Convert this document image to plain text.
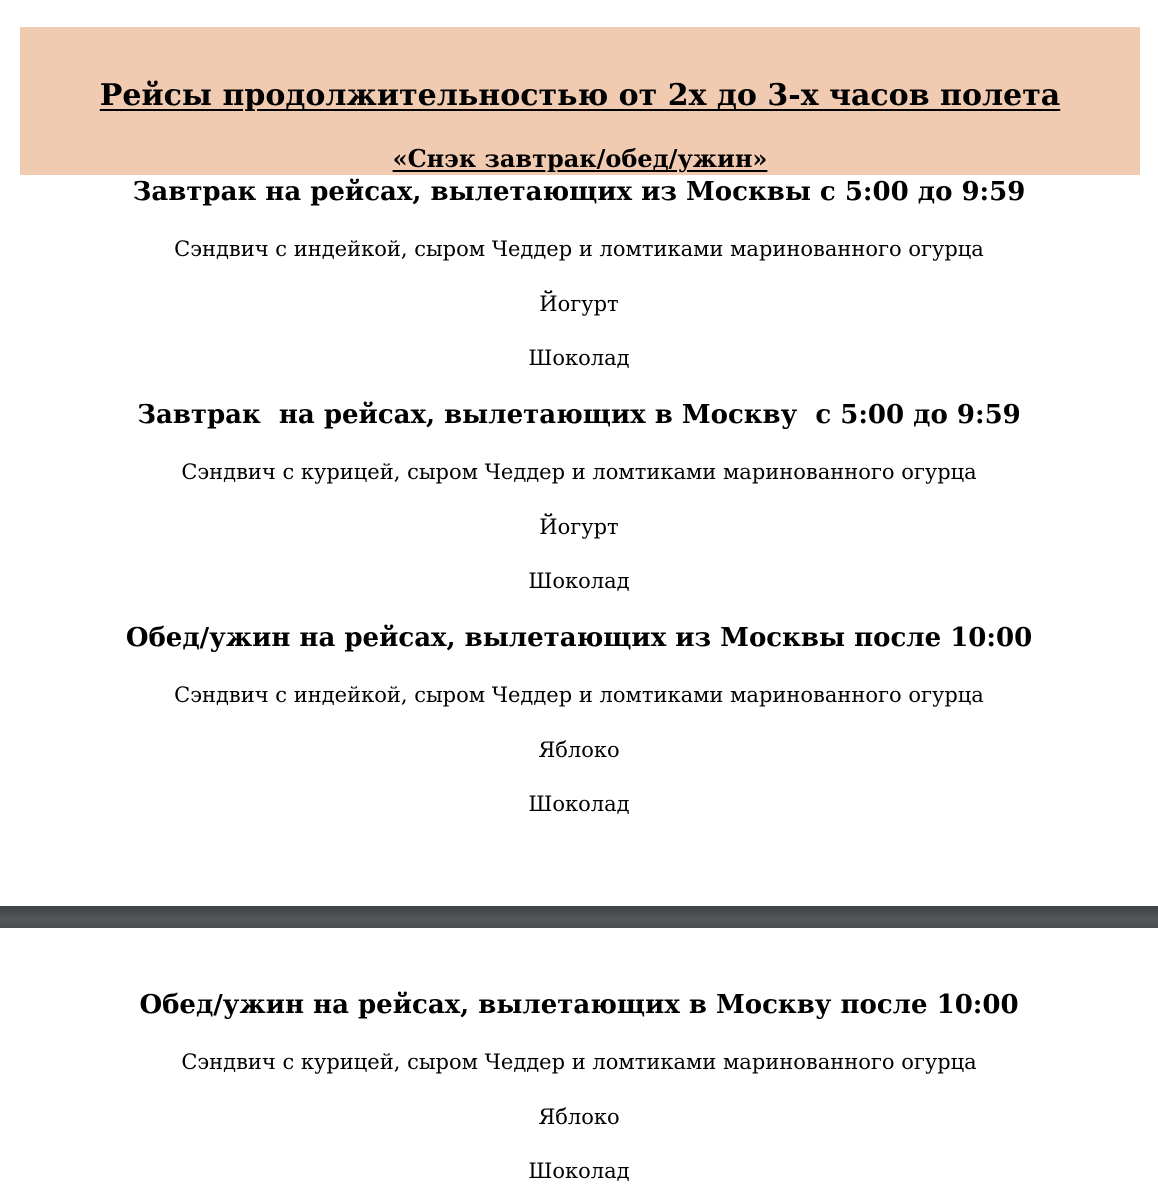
Рейсы продолжительностью от 2х до 3-х часов полета
«Снэк завтрак/обед/ужин»
Завтрак на рейсах, вылетающих из Москвы с 5:00 до 9:59
Сэндвич с индейкой, сыром Чеддер и ломтиками маринованного огурца
Йогурт
Шоколад
Завтрак  на рейсах, вылетающих в Москву  с 5:00 до 9:59
Сэндвич с курицей, сыром Чеддер и ломтиками маринованного огурца
Йогурт
Шоколад
Обед/ужин на рейсах, вылетающих из Москвы после 10:00
Сэндвич с индейкой, сыром Чеддер и ломтиками маринованного огурца
Яблоко
Шоколад
Обед/ужин на рейсах, вылетающих в Москву после 10:00
Сэндвич с курицей, сыром Чеддер и ломтиками маринованного огурца
Яблоко
Шоколад
